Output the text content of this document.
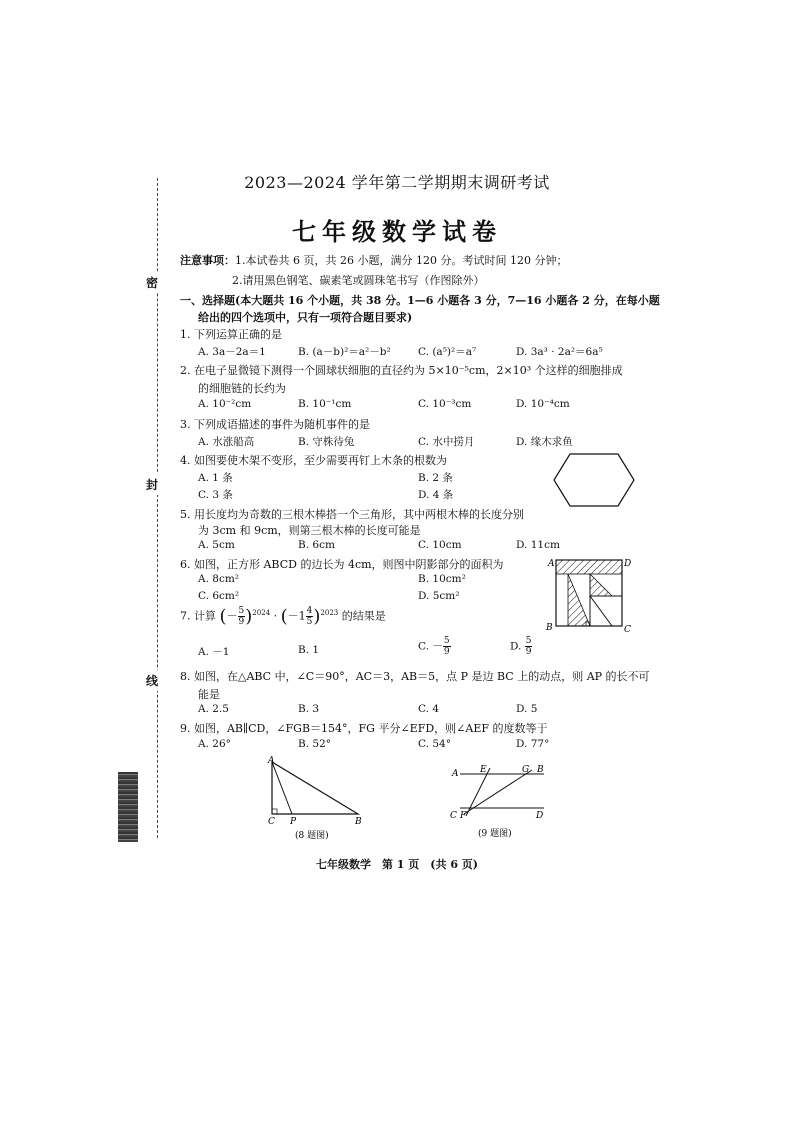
密
封
线
2023—2024 学年第二学期期末调研考试
七年级数学试卷
注意事项：1.本试卷共 6 页，共 26 小题，满分 120 分。考试时间 120 分钟；
2.请用黑色钢笔、碳素笔或圆珠笔书写（作图除外）
一、选择题(本大题共 16 个小题，共 38 分。1—6 小题各 3 分，7—16 小题各 2 分，在每小题
给出的四个选项中，只有一项符合题目要求)
1. 下列运算正确的是
A. 3a－2a＝1	B. (a－b)²＝a²－b²	C. (a⁵)²＝a⁷	D. 3a³ · 2a²＝6a⁵
2. 在电子显微镜下测得一个圆球状细胞的直径约为 5×10⁻⁵cm，2×10³ 个这样的细胞排成
的细胞链的长约为
A. 10⁻²cm	B. 10⁻¹cm	C. 10⁻³cm	D. 10⁻⁴cm
3. 下列成语描述的事件为随机事件的是
A. 水涨船高	B. 守株待兔	C. 水中捞月	D. 缘木求鱼
4. 如图要使木架不变形，至少需要再钉上木条的根数为
A. 1 条	B. 2 条
C. 3 条	D. 4 条
5. 用长度均为奇数的三根木棒搭一个三角形，其中两根木棒的长度分别
为 3cm 和 9cm，则第三根木棒的长度可能是
A. 5cm	B. 6cm	C. 10cm	D. 11cm
6. 如图，正方形 ABCD 的边长为 4cm，则图中阴影部分的面积为
A. 8cm²	B. 10cm²
C. 6cm²	D. 5cm²
A	D
B	C
7. 计算 (－ $\frac{5}{9} )^{2024} \cdot (-1 \frac{4}{5} )^{2023}$ 的结果是
A. －1	B. 1	C. － $\frac{5}{9}$	D. $\frac{5}{9}$
8. 如图，在△ABC 中，∠C＝90°，AC＝3，AB＝5，点 P 是边 BC 上的动点，则 AP 的长不可
能是
A. 2.5	B. 3	C. 4	D. 5
9. 如图，AB∥CD，∠FGB＝154°，FG 平分∠EFD，则∠AEF 的度数等于
A. 26°	B. 52°	C. 54°	D. 77°
A
C P	B
(8 题图)
A E	G B
C F	D
(9 题图)
七年级数学　第 1 页　(共 6 页)
